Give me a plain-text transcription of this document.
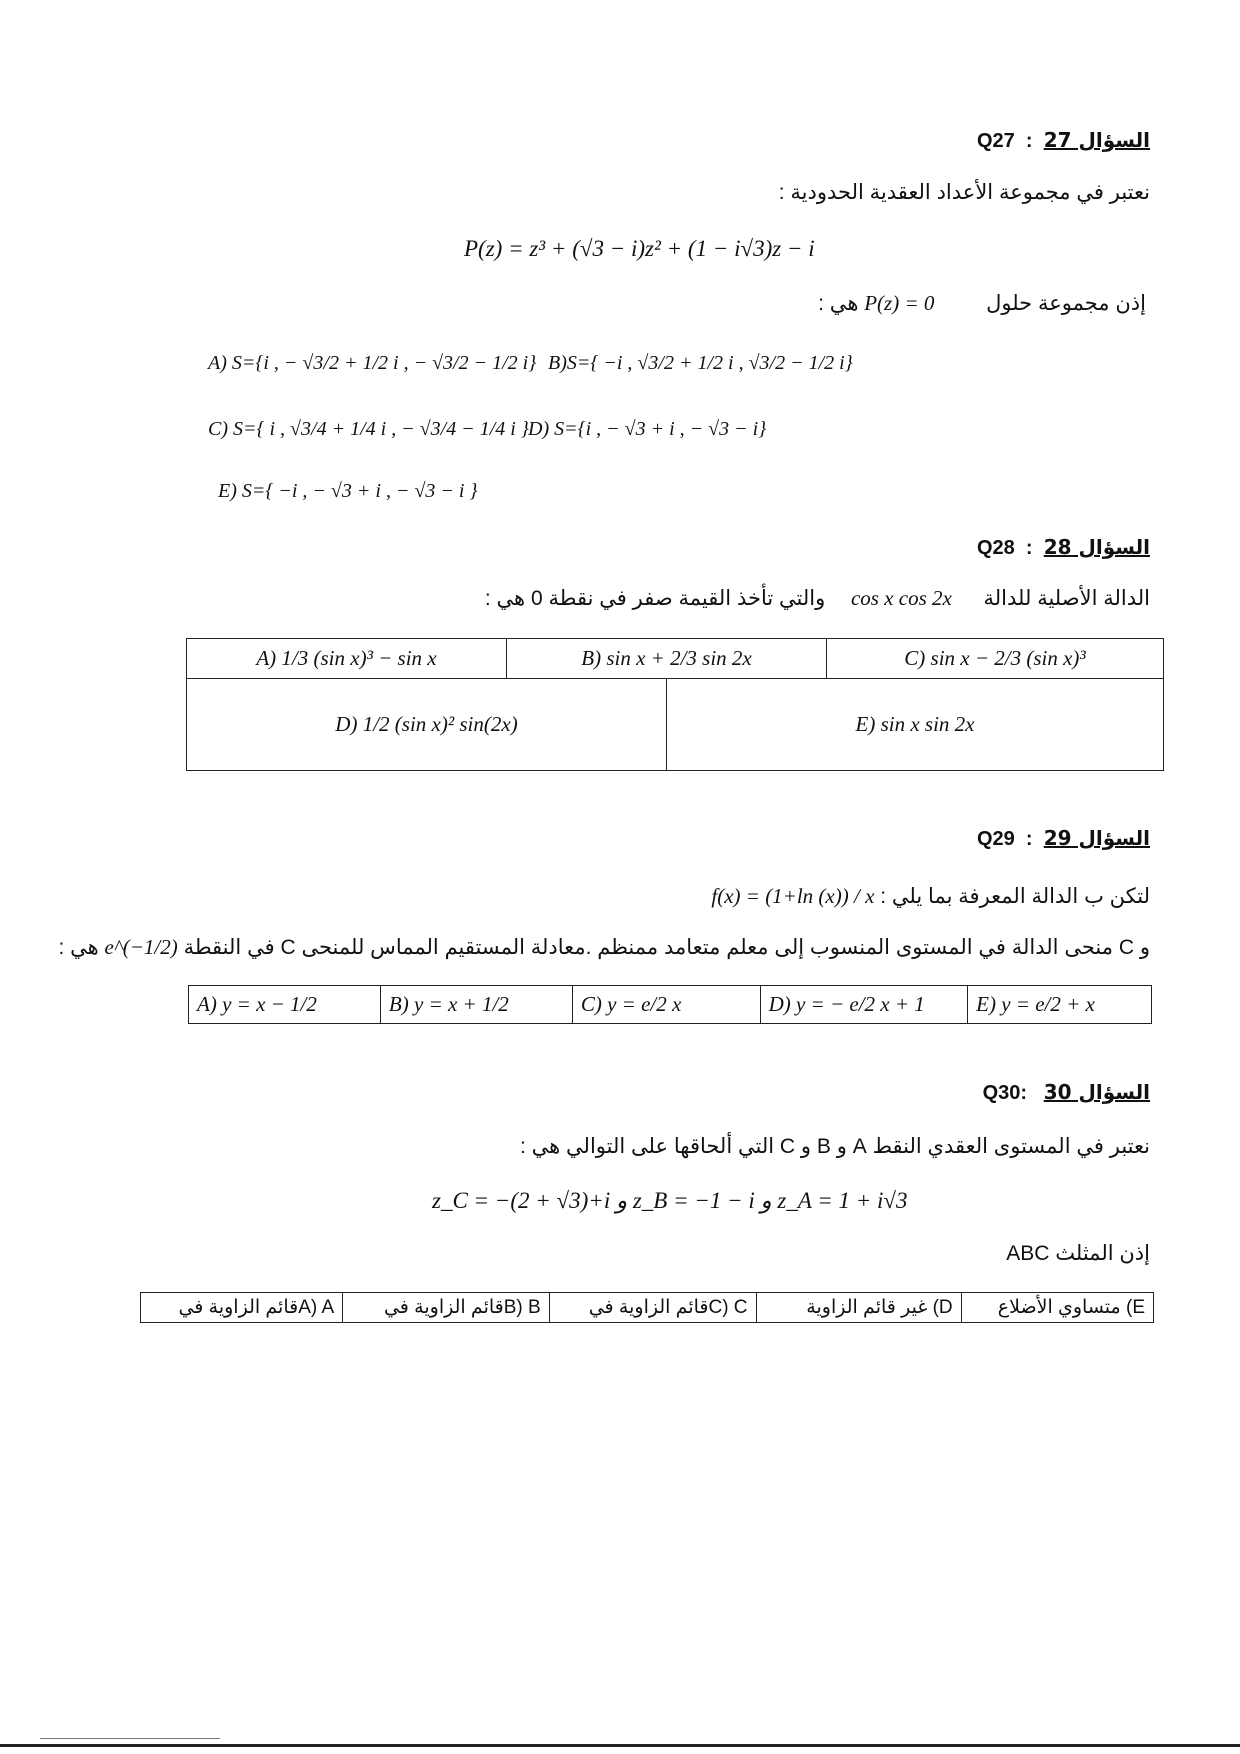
Q27  :  السؤال 27
نعتبر في مجموعة الأعداد العقدية الحدودية :
P(z) = z³ + (√3 − i)z² + (1 − i√3)z − i
إذن مجموعة حلول  P(z) = 0 هي :
A) S={i , − √3/2 + 1/2 i , − √3/2 − 1/2 i} B)S={ −i , √3/2 + 1/2 i , √3/2 − 1/2 i}
C) S={ i , √3/4 + 1/4 i , − √3/4 − 1/4 i } D) S={i , − √3 + i , − √3 − i}
E) S={ −i , − √3 + i , − √3 − i }
Q28  :  السؤال 28
الدالة الأصلية للدالة  cos x cos 2x  والتي تأخذ القيمة صفر في نقطة 0 هي :
A) 1/3 (sin x)³ − sin x	B) sin x + 2/3 sin 2x		C) sin x − 2/3 (sin x)³
D) 1/2 (sin x)² sin(2x)		E) sin x sin 2x	
Q29  :  السؤال 29
لتكن ب الدالة المعرفة بما يلي : f(x) = (1+ln (x)) / x
و C منحى الدالة في المستوى المنسوب إلى معلم متعامد ممنظم .معادلة المستقيم المماس للمنحى C في النقطة e^(−1/2) هي :
A) y = x − 1/2	B) y = x + 1/2	C) y = e/2 x	D) y = − e/2 x + 1	E) y = e/2 + x
Q30: السؤال 30
نعتبر في المستوى العقدي النقط A و B و C التي ألحاقها على التوالي هي :
z_C = −(2 + √3)+i و z_B = −1 − i و z_A = 1 + i√3
إذن المثلث ABC
A) Aقائم الزاوية في	B) Bقائم الزاوية في	C) Cقائم الزاوية في	D) غير قائم الزاوية	E) متساوي الأضلاع
